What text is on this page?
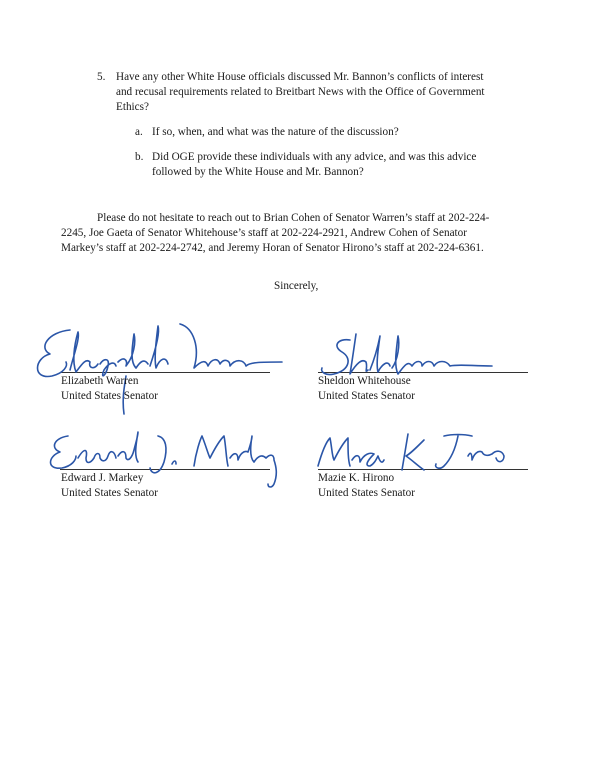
5. Have any other White House officials discussed Mr. Bannon’s conflicts of interest
and recusal requirements related to Breitbart News with the Office of Government
Ethics?
a. If so, when, and what was the nature of the discussion?
b. Did OGE provide these individuals with any advice, and was this advice
followed by the White House and Mr. Bannon?
Please do not hesitate to reach out to Brian Cohen of Senator Warren’s staff at 202-224-
2245, Joe Gaeta of Senator Whitehouse’s staff at 202-224-2921, Andrew Cohen of Senator
Markey’s staff at 202-224-2742, and Jeremy Horan of Senator Hirono’s staff at 202-224-6361.
Sincerely,
Elizabeth Warren
United States Senator
Sheldon Whitehouse
United States Senator
Edward J. Markey
United States Senator
Mazie K. Hirono
United States Senator
